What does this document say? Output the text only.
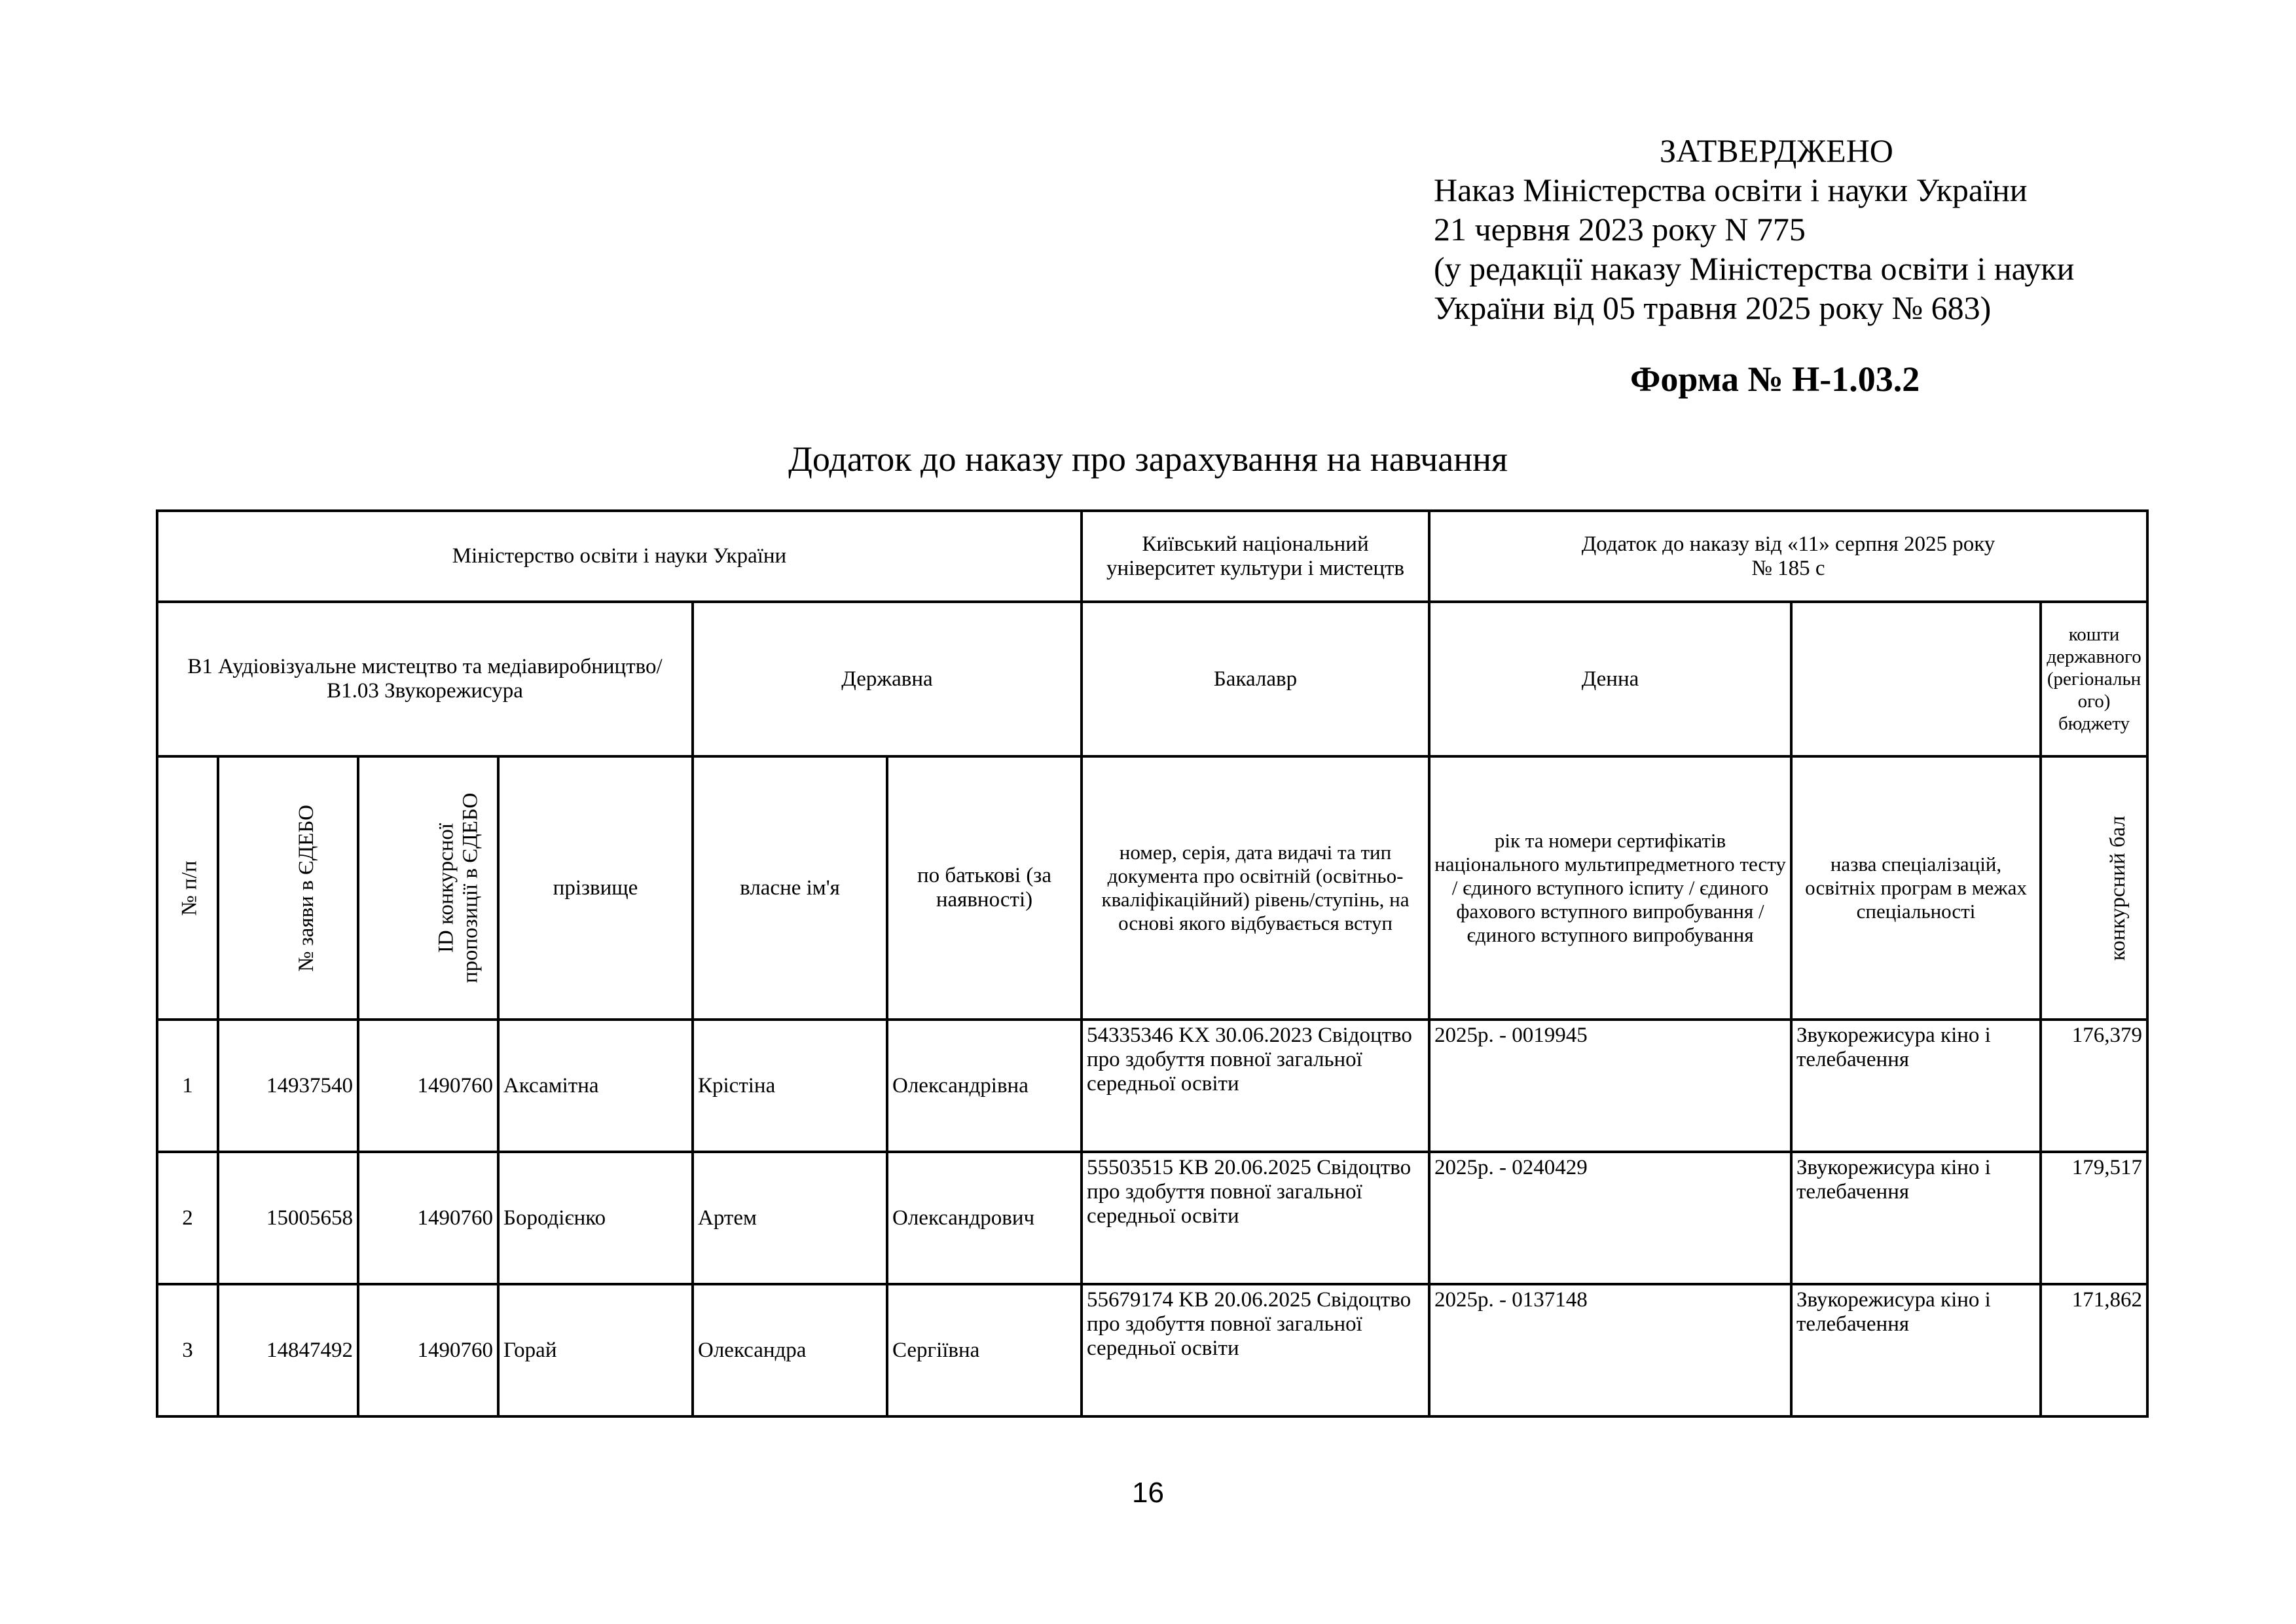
ЗАТВЕРДЖЕНО
Наказ Міністерства освіти і науки України
21 червня 2023 року N 775
(у редакції наказу Міністерства освіти і науки
України від 05 травня 2025 року № 683)
Форма № Н-1.03.2
Додаток до наказу про зарахування на навчання
Міністерство освіти і науки України						Київський національний університет культури і мистецтв	Додаток до наказу від «11» серпня 2025 року
№ 185 с		
В1 Аудіовізуальне мистецтво та медіавиробництво/В1.03 Звукорежисура				Державна		Бакалавр	Денна		кошти державного (регіонального) бюджету
№ п/п	№ заяви в ЄДЕБО	ID конкурсної
пропозиції в ЄДЕБО	прізвище	власне ім'я	по батькові (за наявності)	номер, серія, дата видачі та тип документа про освітній (освітньо-кваліфікаційний) рівень/ступінь, на основі якого відбувається вступ	рік та номери сертифікатів національного мультипредметного тесту / єдиного вступного іспиту / єдиного фахового вступного випробування / єдиного вступного випробування	назва спеціалізацій, освітніх програм в межах спеціальності	конкурсний бал
1	14937540	1490760	Аксамітна	Крістіна	Олександрівна	54335346 KX 30.06.2023 Свідоцтво про здобуття повної загальної середньої освіти	2025р. - 0019945	Звукорежисура кіно і телебачення	176,379
2	15005658	1490760	Бородієнко	Артем	Олександрович	55503515 KB 20.06.2025 Свідоцтво про здобуття повної загальної середньої освіти	2025р. - 0240429	Звукорежисура кіно і телебачення	179,517
3	14847492	1490760	Горай	Олександра	Сергіївна	55679174 KB 20.06.2025 Свідоцтво про здобуття повної загальної середньої освіти	2025р. - 0137148	Звукорежисура кіно і телебачення	171,862
16
